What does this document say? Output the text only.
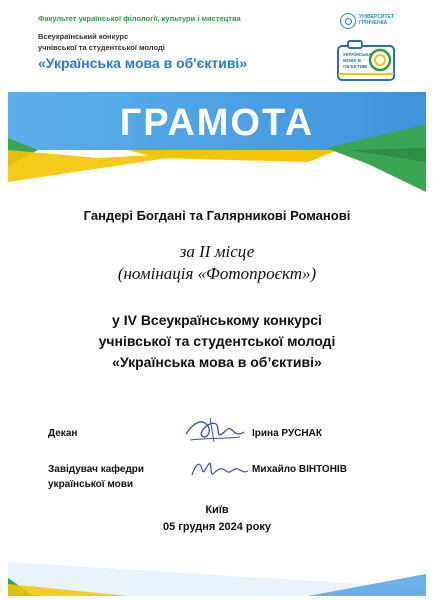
Факультет української філології, культури і мистецтва
Всеукраїнський конкурс
учнівської та студентської молоді
«Українська мова в об'єктиві»
УНІВЕРСИТЕТ ГРІНЧЕНКА
УКРАЇНСЬКА МОВА В ОБ'ЄКТИВІ
ГРАМОТА
Гандері Богдані та Галярникові Романові
за ІІ місце
(номінація «Фотопроєкт»)
у IV Всеукраїнському конкурсі
учнівської та студентської молоді
«Українська мова в об’єктиві»
Декан	Ірина РУСНАК
Завідувач кафедри
української мови
Михайло ВІНТОНІВ
Київ
05 грудня 2024 року
